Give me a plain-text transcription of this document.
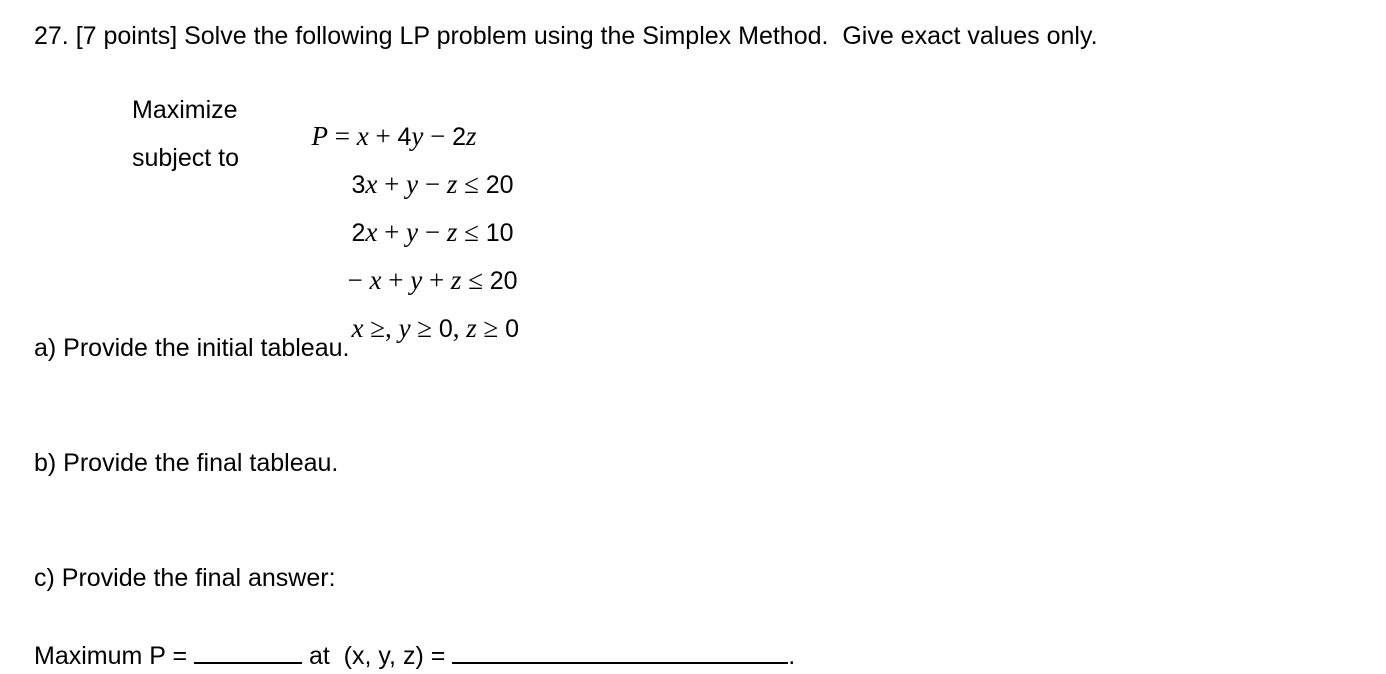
27. [7 points] Solve the following LP problem using the Simplex Method.  Give exact values only.
Maximize

P = x + 4y − 2z

subject to

3x + y − z ≤ 20

2x + y − z ≤ 10

− x + y + z ≤ 20

x ≥, y ≥ 0, z ≥ 0

a) Provide the initial tableau.
b) Provide the final tableau.
c) Provide the final answer:
Maximum P =	at  (x, y, z) =	.
